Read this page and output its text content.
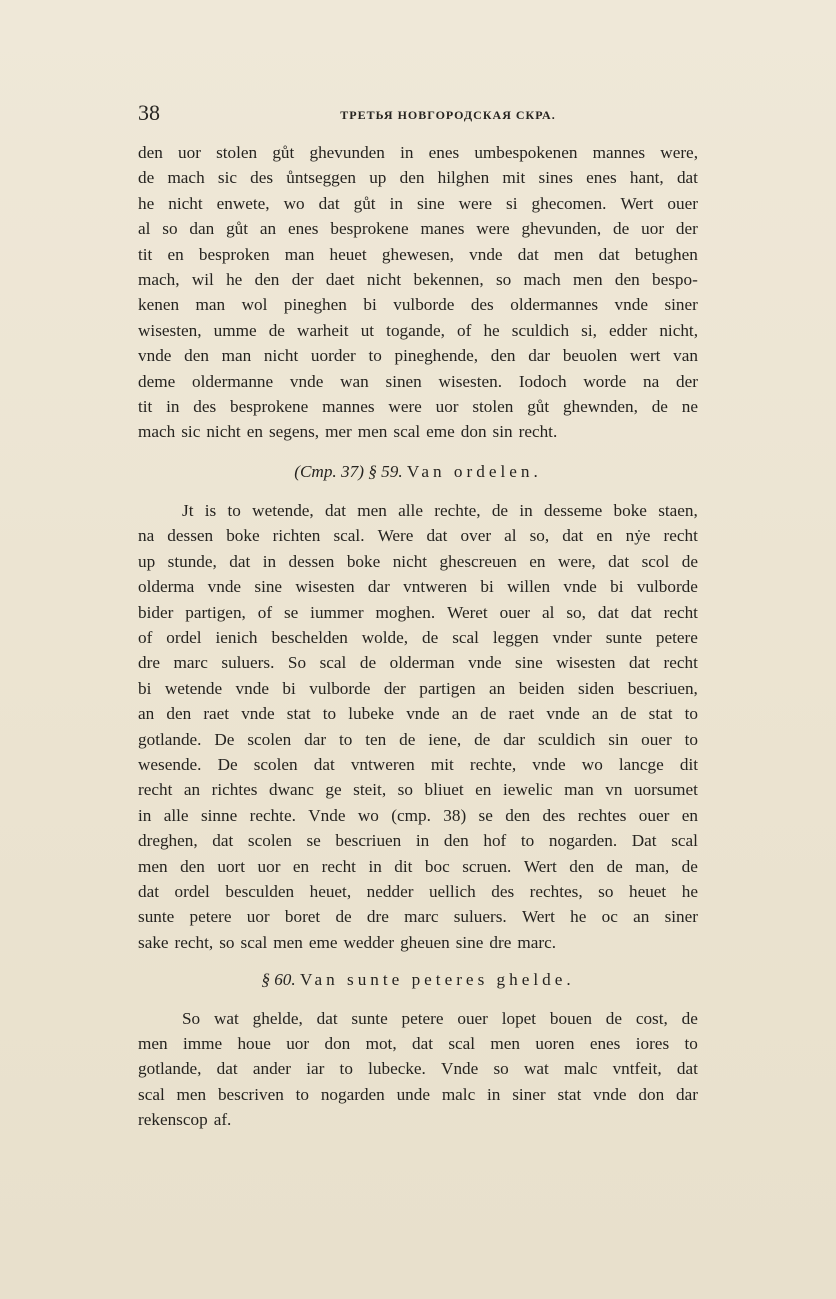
38	ТРЕТЬЯ НОВГОРОДСКАЯ СКРА.
den uor stolen gůt ghevunden in enes umbespokenen mannes were,
de mach sic des ůntseggen up den hilghen mit sines enes hant, dat
he nicht enwete, wo dat gůt in sine were si ghecomen. Wert ouer
al so dan gůt an enes besprokene manes were ghevunden, de uor der
tit en besproken man heuet ghewesen, vnde dat men dat betughen
mach, wil he den der daet nicht bekennen, so mach men den bespo-
kenen man wol pineghen bi vulborde des oldermannes vnde siner
wisesten, umme de warheit ut togande, of he sculdich si, edder nicht,
vnde den man nicht uorder to pineghende, den dar beuolen wert van
deme oldermanne vnde wan sinen wisesten. Iodoch worde na der
tit in des besprokene mannes were uor stolen gůt ghewnden, de ne
mach sic nicht en segens, mer men scal eme don sin recht.
(Cmp. 37) § 59. Van ordelen.
Jt is to wetende, dat men alle rechte, de in desseme boke staen,
na dessen boke richten scal. Were dat over al so, dat en nẏe recht
up stunde, dat in dessen boke nicht ghescreuen en were, dat scol de
olderma vnde sine wisesten dar vntweren bi willen vnde bi vulborde
bider partigen, of se iummer moghen. Weret ouer al so, dat dat recht
of ordel ienich beschelden wolde, de scal leggen vnder sunte petere
dre marc suluers. So scal de olderman vnde sine wisesten dat recht
bi wetende vnde bi vulborde der partigen an beiden siden bescriuen,
an den raet vnde stat to lubeke vnde an de raet vnde an de stat to
gotlande. De scolen dar to ten de iene, de dar sculdich sin ouer to
wesende. De scolen dat vntweren mit rechte, vnde wo lancge dit
recht an richtes dwanc ge steit, so bliuet en iewelic man vn uorsumet
in alle sinne rechte. Vnde wo (cmp. 38) se den des rechtes ouer en
dreghen, dat scolen se bescriuen in den hof to nogarden. Dat scal
men den uort uor en recht in dit boc scruen. Wert den de man, de
dat ordel besculden heuet, nedder uellich des rechtes, so heuet he
sunte petere uor boret de dre marc suluers. Wert he oc an siner
sake recht, so scal men eme wedder gheuen sine dre marc.
§ 60. Van sunte peteres ghelde.
So wat ghelde, dat sunte petere ouer lopet bouen de cost, de
men imme houe uor don mot, dat scal men uoren enes iores to
gotlande, dat ander iar to lubecke. Vnde so wat malc vntfeit, dat
scal men bescriven to nogarden unde malc in siner stat vnde don dar
rekenscop af.
